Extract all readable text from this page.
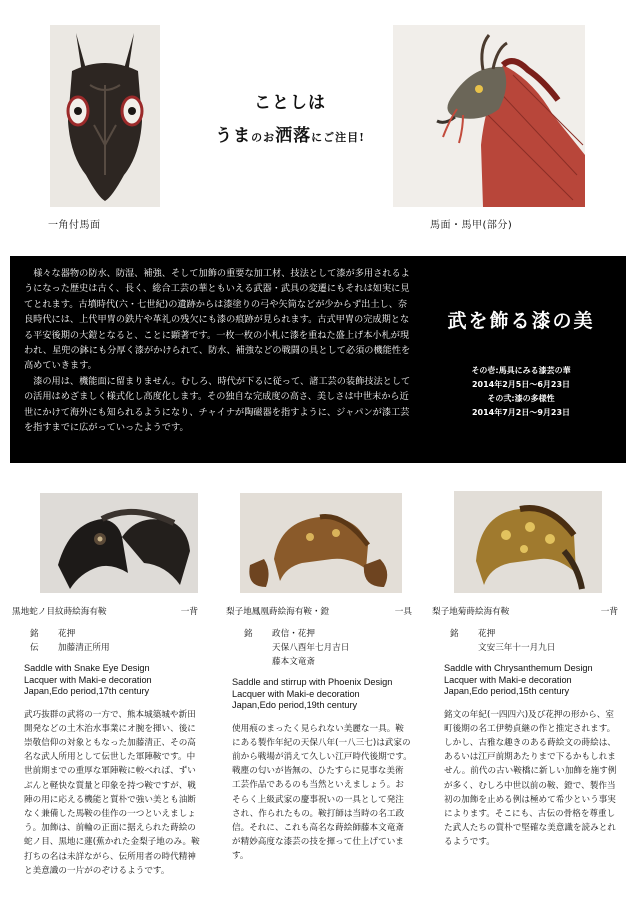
一角付馬面
ことしは
うまのお洒落にご注目!
馬面・馬甲(部分)

様々な器物の防水、防湿、補強、そして加飾の重要な加工材、技法として漆が多用されるようになった歴史は古く、長く、総合工芸の華ともいえる武器・武具の変遷にもそれは如実に見てとれます。古墳時代(六・七世紀)の遺跡からは漆塗りの弓や矢筒などが少からず出土し、奈良時代には、上代甲冑の鉄片や革礼の残欠にも漆の痕跡が見られます。古式甲冑の完成期となる平安後期の大鎧となると、ことに顕著です。一枚一枚の小札に漆を重ねた盛上げ本小札が現われ、星兜の鉢にも分厚く漆がかけられて、防水、補強などの戦闘の具として必須の機能性を高めていきます。

漆の用は、機能面に留まりません。むしろ、時代が下るに従って、諸工芸の装飾技法としての活用はめざましく様式化し高度化します。その独自な完成度の高さ、美しさは中世末から近世にかけて海外にも知られるようになり、チャイナが陶磁器を指すように、ジャパンが漆工芸を指すまでに広がっていったようです。

武を飾る漆の美
その壱:馬具にみる漆芸の華
2014年2月5日〜6月23日
その弐:漆の多様性
2014年7月2日〜9月23日
黒地蛇ノ目紋蒔絵海有鞍	一背
銘	花押
伝	加藤清正所用
Saddle with Snake Eye Design
Lacquer with Maki-e decoration
Japan,Edo period,17th century
武巧抜群の武将の一方で、熊本城築城や新田開発などの土木治水事業にオ腕を揮い、後に崇敬信仰の対象ともなった加藤清正、その高名な武人所用として伝世した軍陣鞍です。中世前期までの重厚な軍陣鞍に較べれば、ずいぶんと軽快な質量と印象を持つ鞍ですが、戦陣の用に応える機能と質朴で強い美とも油断なく兼備した馬鞍の佳作の一つといえましょう。加飾は、前輪の正面に据えられた蒔絵の蛇ノ目、黒地に蓮(蕉かれた金梨子地のみ。鞍打ちの名は未詳ながら、伝所用者の時代精神と美意識の一片がのぞけるようです。
梨子地鳳凰蒔絵海有鞍・鐙	一具
銘	政信・花押
天保八酉年七月吉日
藤本文竜斎
Saddle and stirrup with Phoenix Design
Lacquer with Maki-e decoration
Japan,Edo period,19th century
使用痕のまったく見られない美麗な一具。鞍にある製作年紀の天保八年(一八三七)は武家の前から戦場が消えて久しい江戸時代後期です。戦塵の匂いが皆無の、ひたすらに見事な美術工芸作品であるのも当然といえましょう。おそらく上級武家の慶事祝いの一具として発注され、作られたもの。鞍打師は当時の名工政信。それに、これも高名な蒔絵師藤本文竜斎が精妙高度な漆芸の技を揮って仕上げています。
梨子地菊蒔絵海有鞍	一背
銘	花押
文安三年十一月九日
Saddle with Chrysanthemum Design
Lacquer with Maki-e decoration
Japan,Edo period,15th century
銘文の年紀(一四四六)及び花押の形から、室町後期の名工伊勢貞継の作と推定されます。しかし、古雅な趣きのある蒔絵文の蒔絵は、あるいは江戸前期あたりまで下るかもしれません。前代の古い鞍橋に新しい加飾を施す例が多く、むしろ中世以前の鞍、鐙で、製作当初の加飾を止める例は極めて希少という事実によります。そこにも、古伝の骨格を尊重した武人たちの質朴で堅確な美意識を読みとれるようです。
